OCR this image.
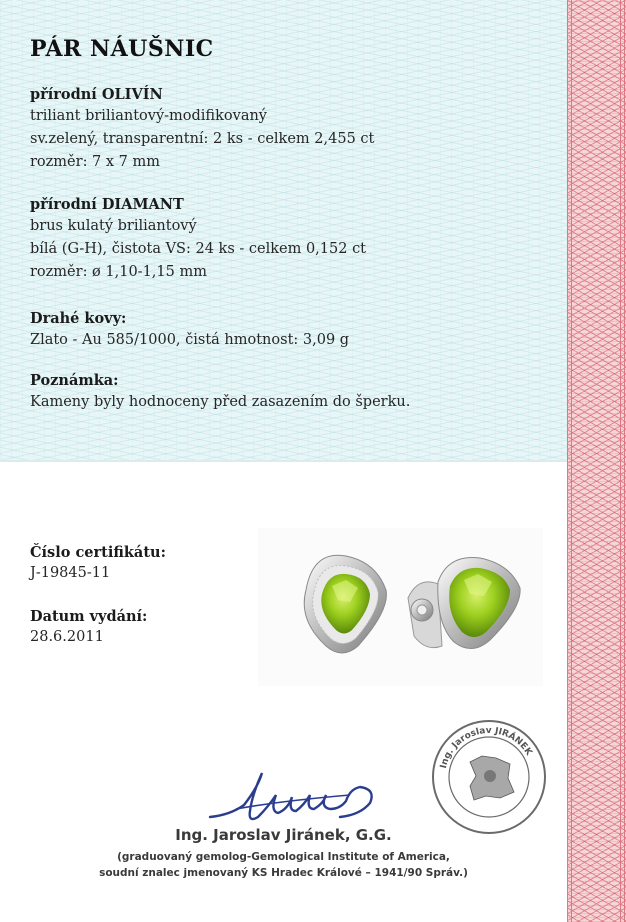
PÁR NÁUŠNIC
přírodní OLIVÍN
triliant briliantový-modifikovaný
sv.zelený, transparentní: 2 ks - celkem 2,455 ct
rozměr: 7 x 7 mm
přírodní DIAMANT
brus kulatý briliantový
bílá (G-H), čistota VS: 24 ks - celkem 0,152 ct
rozměr: ø 1,10-1,15 mm
Drahé kovy:
Zlato - Au 585/1000, čistá hmotnost: 3,09 g
Poznámka:
Kameny byly hodnoceny před zasazením do šperku.
Číslo certifikátu:
J-19845-11
Datum vydání:
28.6.2011
Ing. Jaroslav JIRÁNEK
Ing. Jaroslav Jiránek, G.G.
(graduovaný gemolog-Gemological Institute of America,
soudní znalec jmenovaný KS Hradec Králové – 1941/90 Správ.)
